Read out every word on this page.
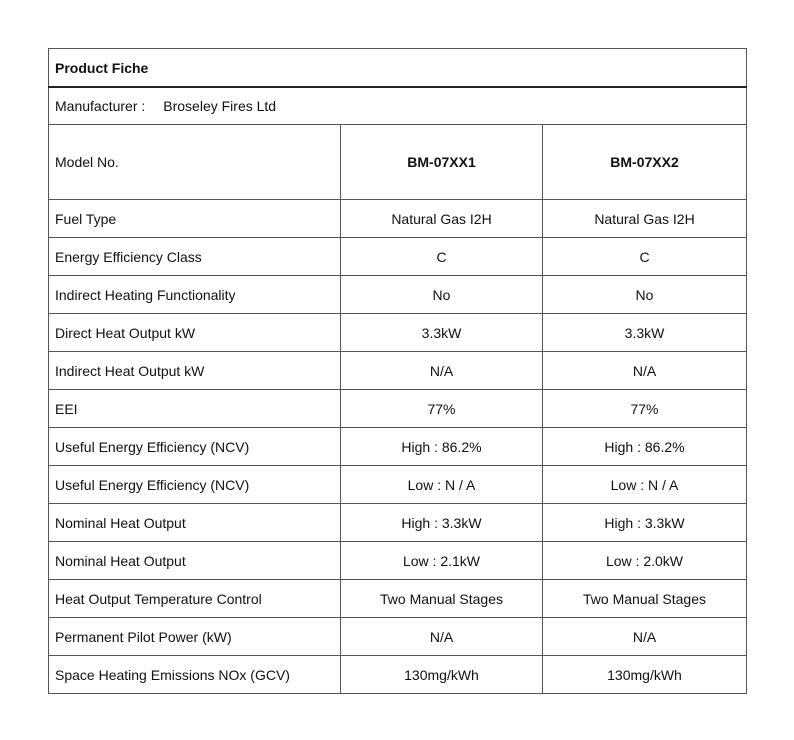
Product Fiche		
Manufacturer : Broseley Fires Ltd		
Model No.	BM-07XX1	BM-07XX2
Fuel Type	Natural Gas I2H	Natural Gas I2H
Energy Efficiency Class	C	C
Indirect Heating Functionality	No	No
Direct Heat Output kW	3.3kW	3.3kW
Indirect Heat Output kW	N/A	N/A
EEI	77%	77%
Useful Energy Efficiency (NCV)	High : 86.2%	High : 86.2%
Useful Energy Efficiency (NCV)	Low : N / A	Low : N / A
Nominal Heat Output	High : 3.3kW	High : 3.3kW
Nominal Heat Output	Low : 2.1kW	Low : 2.0kW
Heat Output Temperature Control	Two Manual Stages	Two Manual Stages
Permanent Pilot Power (kW)	N/A	N/A
Space Heating Emissions NOx (GCV)	130mg/kWh	130mg/kWh
